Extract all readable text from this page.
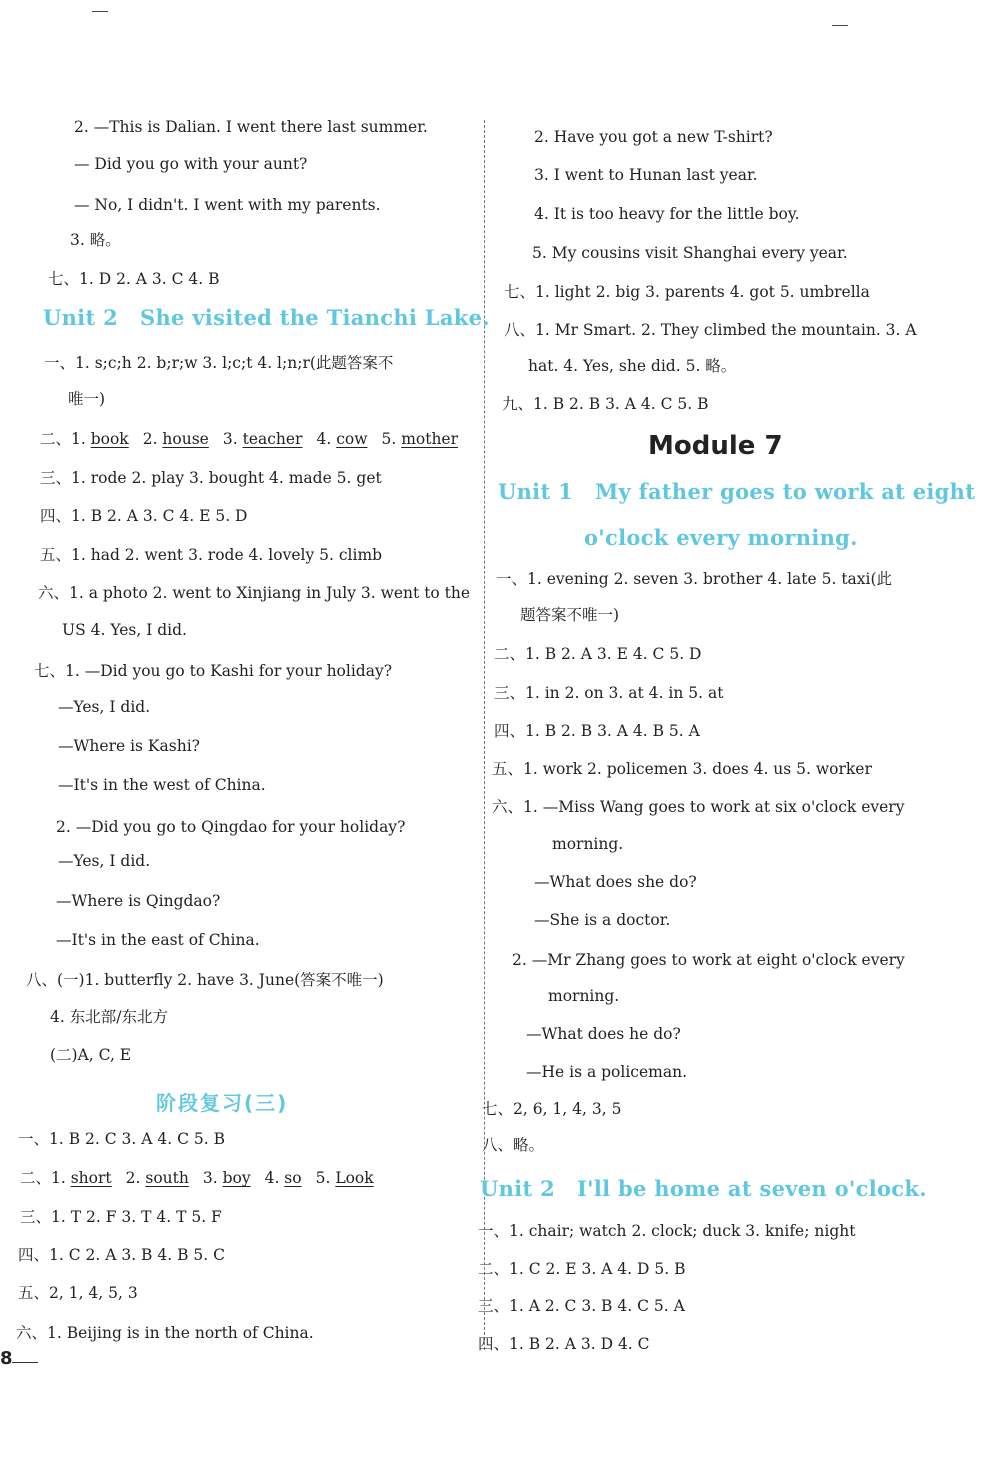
2. —This is Dalian. I went there last summer.
— Did you go with your aunt?
— No, I didn't. I went with my parents.
3. 略。
七、1. D 2. A 3. C 4. B
Unit 2 She visited the Tianchi Lake.
一、1. s;c;h 2. b;r;w 3. l;c;t 4. l;n;r(此题答案不
唯一)
二、1. book 2. house 3. teacher 4. cow 5. mother
三、1. rode 2. play 3. bought 4. made 5. get
四、1. B 2. A 3. C 4. E 5. D
五、1. had 2. went 3. rode 4. lovely 5. climb
六、1. a photo 2. went to Xinjiang in July 3. went to the
US 4. Yes, I did.
七、1. —Did you go to Kashi for your holiday?
—Yes, I did.
—Where is Kashi?
—It's in the west of China.
2. —Did you go to Qingdao for your holiday?
—Yes, I did.
—Where is Qingdao?
—It's in the east of China.
八、(一)1. butterfly 2. have 3. June(答案不唯一)
4. 东北部/东北方
(二)A, C, E
阶段复习(三)
一、1. B 2. C 3. A 4. C 5. B
二、1. short 2. south 3. boy 4. so 5. Look
三、1. T 2. F 3. T 4. T 5. F
四、1. C 2. A 3. B 4. B 5. C
五、2, 1, 4, 5, 3
六、1. Beijing is in the north of China.
8
2. Have you got a new T-shirt?
3. I went to Hunan last year.
4. It is too heavy for the little boy.
5. My cousins visit Shanghai every year.
七、1. light 2. big 3. parents 4. got 5. umbrella
八、1. Mr Smart. 2. They climbed the mountain. 3. A
hat. 4. Yes, she did. 5. 略。
九、1. B 2. B 3. A 4. C 5. B
Module 7
Unit 1 My father goes to work at eight
o'clock every morning.
一、1. evening 2. seven 3. brother 4. late 5. taxi(此
题答案不唯一)
二、1. B 2. A 3. E 4. C 5. D
三、1. in 2. on 3. at 4. in 5. at
四、1. B 2. B 3. A 4. B 5. A
五、1. work 2. policemen 3. does 4. us 5. worker
六、1. —Miss Wang goes to work at six o'clock every
morning.
—What does she do?
—She is a doctor.
2. —Mr Zhang goes to work at eight o'clock every
morning.
—What does he do?
—He is a policeman.
七、2, 6, 1, 4, 3, 5
八、略。
Unit 2 I'll be home at seven o'clock.
一、1. chair; watch 2. clock; duck 3. knife; night
二、1. C 2. E 3. A 4. D 5. B
三、1. A 2. C 3. B 4. C 5. A
四、1. B 2. A 3. D 4. C
